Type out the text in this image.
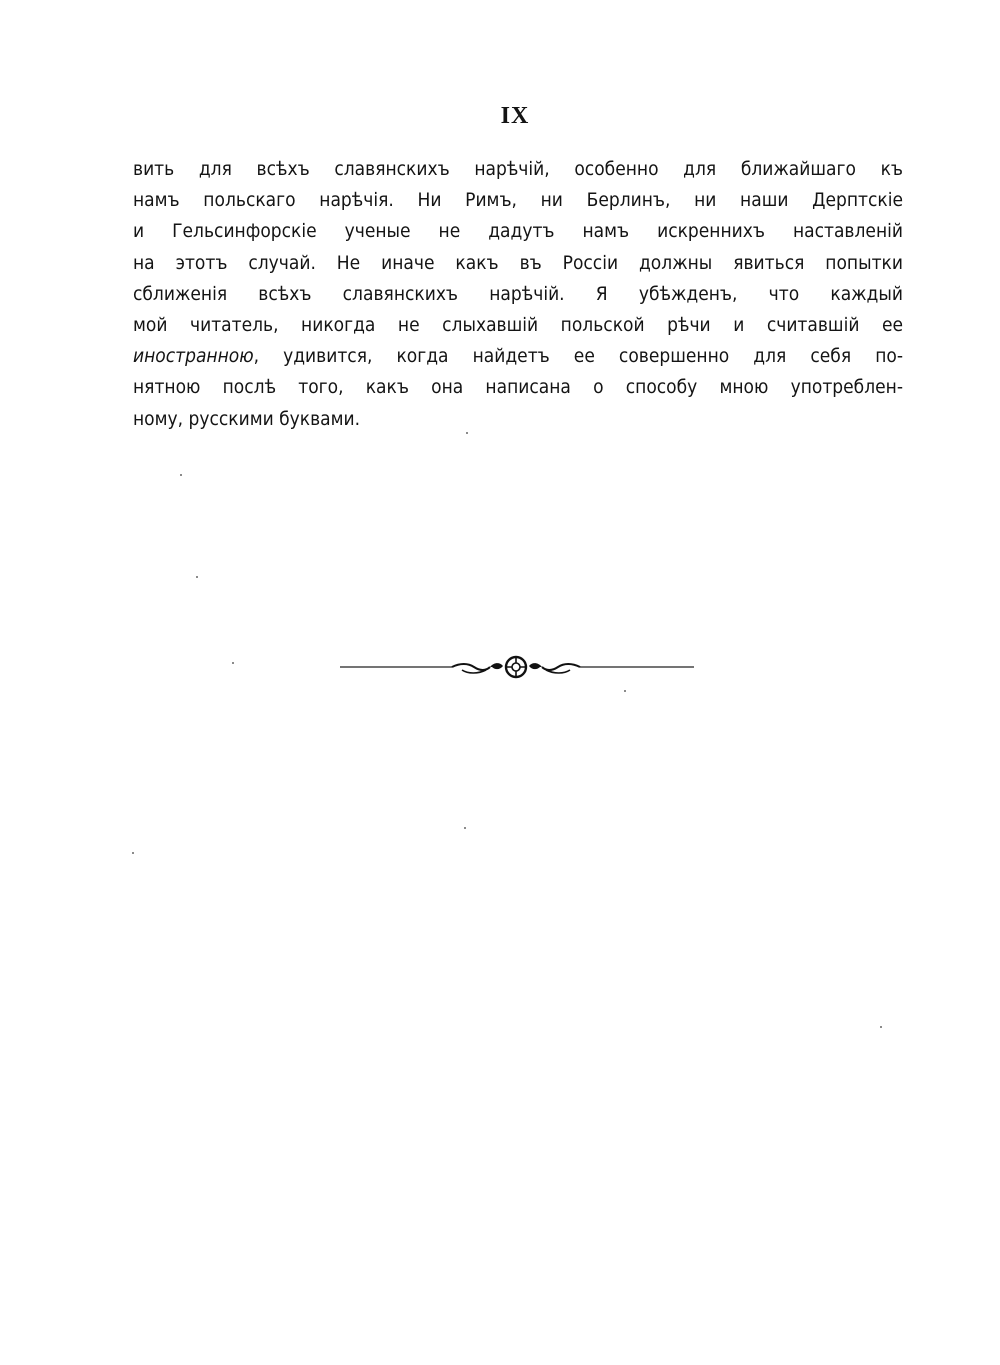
IX
вить для всѣхъ славянскихъ нарѣчій, особенно для ближайшаго къ
намъ польскаго нарѣчія. Ни Римъ, ни Берлинъ, ни наши Дерптскіе
и Гельсинфорскіе ученые не дадутъ намъ искреннихъ наставленій
на этотъ случай. Не иначе какъ въ Россіи должны явиться попытки
сближенія всѣхъ славянскихъ нарѣчій. Я убѣжденъ, что каждый
мой читатель, никогда не слыхавшій польской рѣчи и считавшій ее
иностранною, удивится, когда найдетъ ее совершенно для себя по-
нятною послѣ того, какъ она написана о способу мною употреблен-
ному, русскими буквами.
